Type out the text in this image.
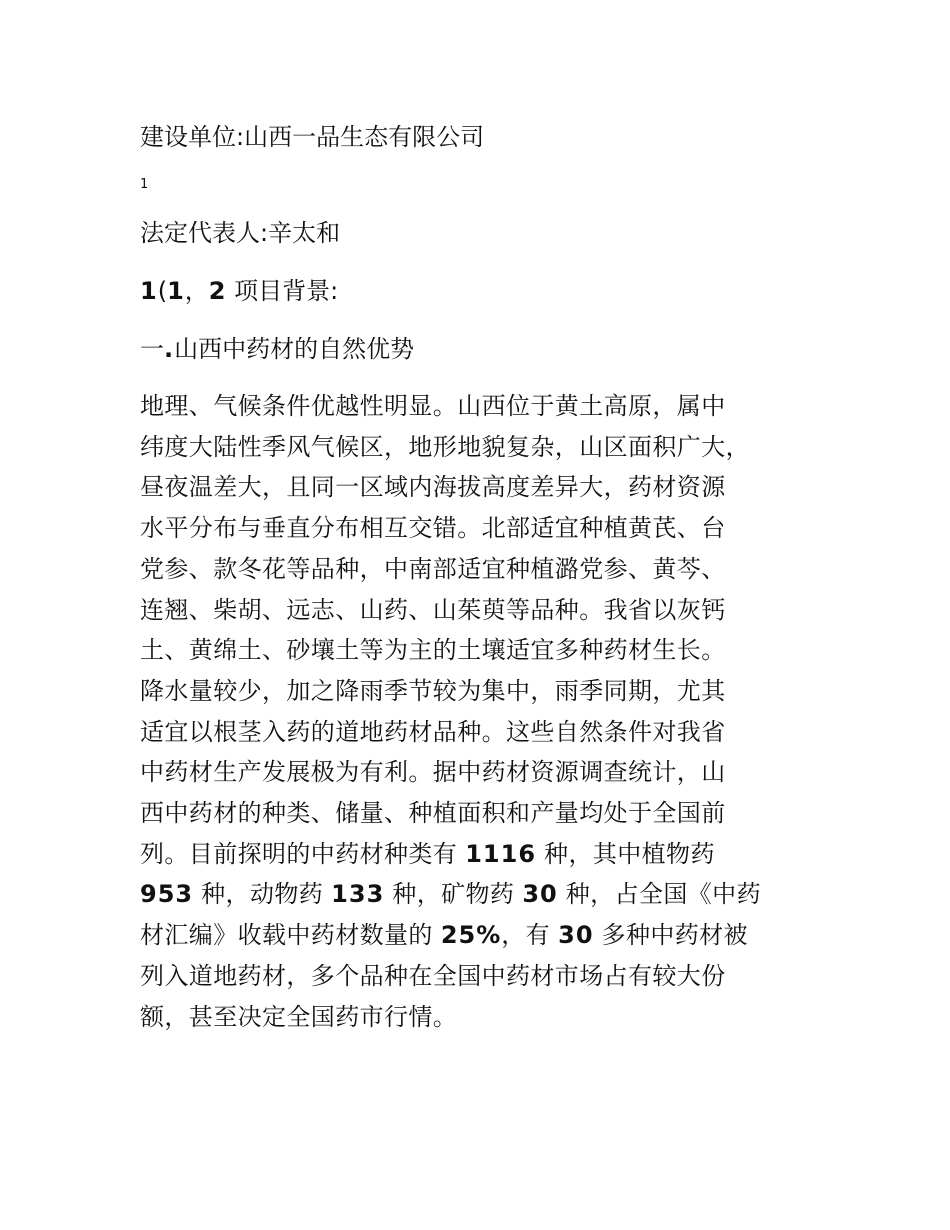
建设单位:山西一品生态有限公司

1

法定代表人:辛太和

1(1，2 项目背景:

一.山西中药材的自然优势

地理、气候条件优越性明显。山西位于黄土高原，属中
纬度大陆性季风气候区，地形地貌复杂，山区面积广大，
昼夜温差大，且同一区域内海拔高度差异大，药材资源
水平分布与垂直分布相互交错。北部适宜种植黄芪、台
党参、款冬花等品种，中南部适宜种植潞党参、黄芩、
连翘、柴胡、远志、山药、山茱萸等品种。我省以灰钙
土、黄绵土、砂壤土等为主的土壤适宜多种药材生长。
降水量较少，加之降雨季节较为集中，雨季同期，尤其
适宜以根茎入药的道地药材品种。这些自然条件对我省
中药材生产发展极为有利。据中药材资源调查统计，山
西中药材的种类、储量、种植面积和产量均处于全国前
列。目前探明的中药材种类有 1116 种，其中植物药
953 种，动物药 133 种，矿物药 30 种，占全国《中药
材汇编》收载中药材数量的 25%，有 30 多种中药材被
列入道地药材，多个品种在全国中药材市场占有较大份
额，甚至决定全国药市行情。
